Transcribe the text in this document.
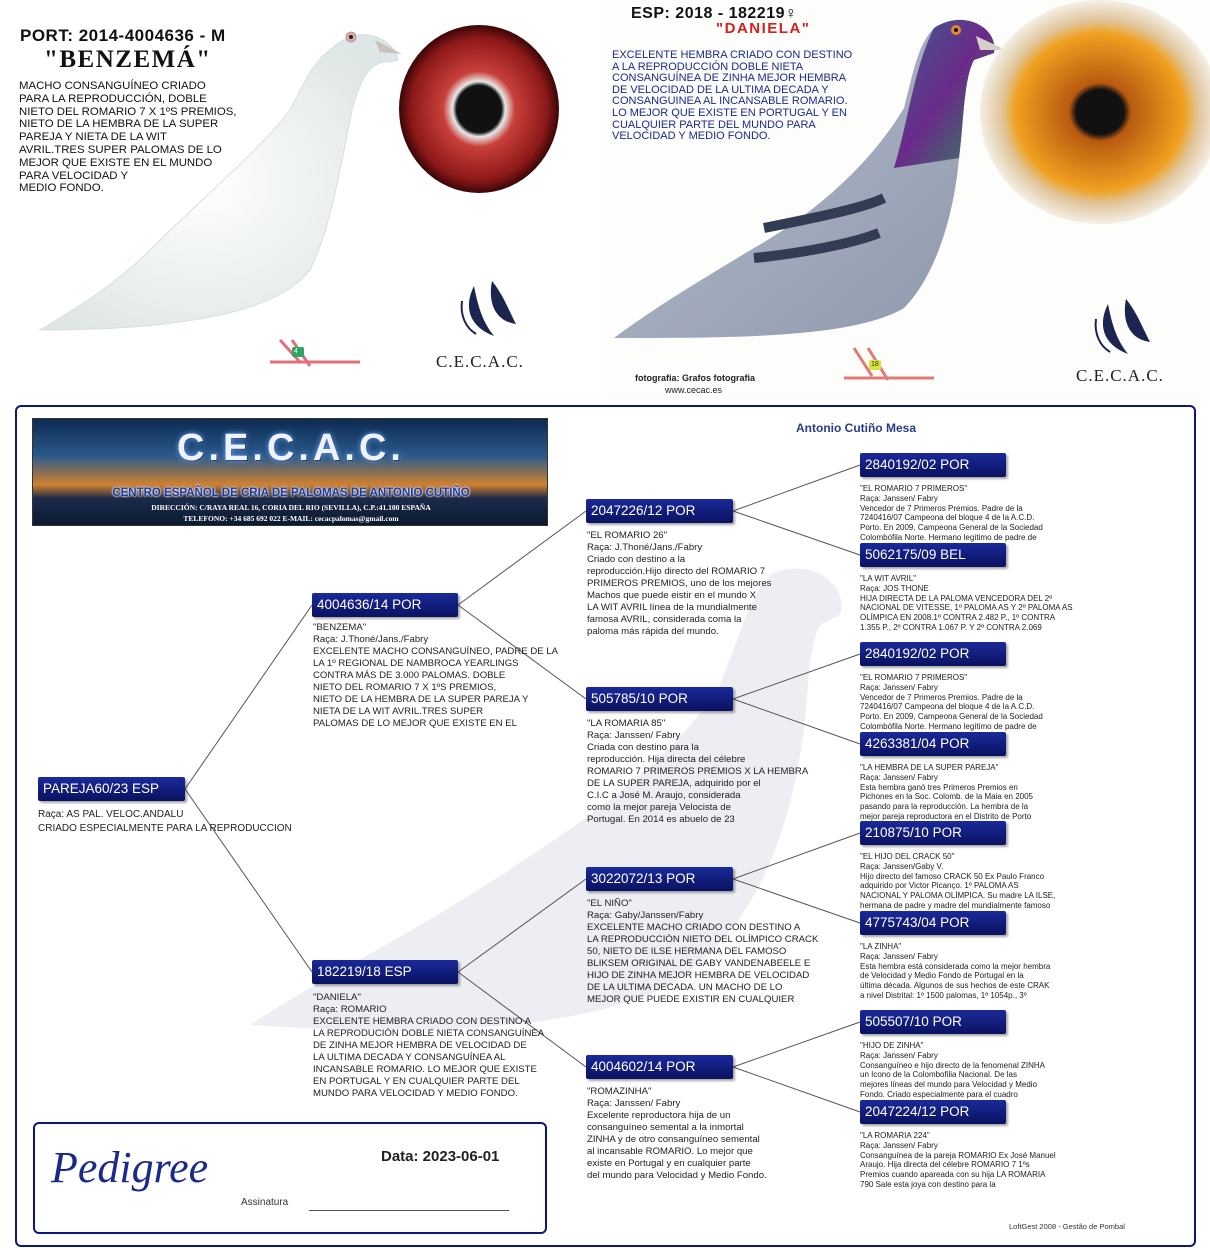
PORT: 2014-4004636 - M
"BENZEMÁ"
MACHO CONSANGUÍNEO CRIADO
PARA LA REPRODUCCIÓN, DOBLE
NIETO DEL ROMARIO 7 X 1ºS PREMIOS,
NIETO DE LA HEMBRA DE LA SUPER
PAREJA Y NIETA DE LA WIT
AVRIL.TRES SUPER PALOMAS DE LO
MEJOR QUE EXISTE EN EL MUNDO
PARA VELOCIDAD Y
MEDIO FONDO.
4
C.E.C.A.C.
ESP: 2018 - 182219♀
"DANIELA"
EXCELENTE HEMBRA CRIADO CON DESTINO
A LA REPRODUCCIÓN DOBLE NIETA
CONSANGUÍNEA DE ZINHA MEJOR HEMBRA
DE VELOCIDAD DE LA ULTIMA DECADA Y
CONSANGUINEA AL INCANSABLE ROMARIO.
LO MEJOR QUE EXISTE EN PORTUGAL Y EN
CUALQUIER PARTE DEL MUNDO PARA
VELOCIDAD Y MEDIO FONDO.
18
fotografia: Grafos fotografia
www.cecac.es
C.E.C.A.C.
C.E.C.A.C.
CENTRO ESPAÑOL DE CRIA DE PALOMAS DE ANTONIO CUTIÑO
DIRECCIÓN: C/RAYA REAL 16, CORIA DEL RIO (SEVILLA), C.P.:41.100 ESPAÑA
TELEFONO: +34 685 692 022 E-MAIL: cecacpalomas@gmail.com
Antonio Cutiño Mesa
PAREJA60/23 ESP
Raça: AS PAL. VELOC.ANDALU
CRIADO ESPECIALMENTE PARA LA REPRODUCCION
4004636/14 POR
"BENZEMA"
Raça: J.Thoné/Jans./Fabry
EXCELENTE MACHO CONSANGUÍNEO, PADRE DE LA
LA 1º REGIONAL DE NAMBROCA YEARLINGS
CONTRA MÁS DE 3.000 PALOMAS. DOBLE
NIETO DEL ROMARIO 7 X 1ºS PREMIOS,
NIETO DE LA HEMBRA DE LA SUPER PAREJA Y
NIETA DE LA WIT AVRIL.TRES SUPER
PALOMAS DE LO MEJOR QUE EXISTE EN EL
182219/18 ESP
"DANIELA"
Raça: ROMARIO
EXCELENTE HEMBRA CRIADO CON DESTINO A
LA REPRODUCIÓN DOBLE NIETA CONSANGUÍNEA
DE ZINHA MEJOR HEMBRA DE VELOCIDAD DE
LA ULTIMA DECADA Y CONSANGUÍNEA AL
INCANSABLE ROMARIO. LO MEJOR QUE EXISTE
EN PORTUGAL Y EN CUALQUIER PARTE DEL
MUNDO PARA VELOCIDAD Y MEDIO FONDO.
2047226/12 POR
"EL ROMARIO 26"
Raça: J.Thoné/Jans./Fabry
Criado con destino a la
reproducción.Hijo directo del ROMARIO 7
PRIMEROS PREMIOS, uno de los mejores
Machos que puede eistir en el mundo X
LA WIT AVRIL línea de la mundialmente
famosa AVRIL, considerada coma la
paloma más rápida del mundo.
505785/10 POR
"LA ROMARIA 85"
Raça: Janssen/ Fabry
Criada con destino para la
reproducción. Hija directa del célebre
ROMARIO 7 PRIMEROS PREMIOS X LA HEMBRA
DE LA SUPER PAREJA, adquirido por el
C.I.C a José M. Araujo, considerada
como la mejor pareja Velocista de
Portugal. En 2014 es abuelo de 23
3022072/13 POR
"EL NIÑO"
Raça: Gaby/Janssen/Fabry
EXCELENTE MACHO CRIADO CON DESTINO A
LA REPRODUCCIÓN NIETO DEL OLÍMPICO CRACK
50, NIETO DE ILSE HERMANA DEL FAMOSO
BLIKSEM ORIGINAL DE GABY VANDENABEELE E
HIJO DE ZINHA MEJOR HEMBRA DE VELOCIDAD
DE LA ULTIMA DECADA. UN MACHO DE LO
MEJOR QUE PUEDE EXISTIR EN CUALQUIER
4004602/14 POR
"ROMAZINHA"
Raça: Janssen/ Fabry
Excelente reproductora hija de un
consanguíneo semental a la inmortal
ZINHA y de otro consanguíneo semental
al incansable ROMARIO. Lo mejor que
existe en Portugal y en cualquier parte
del mundo para Velocidad y Medio Fondo.
2840192/02 POR
"EL ROMARIO 7 PRIMEROS"
Raça: Janssen/ Fabry
Vencedor de 7 Primeros Premios. Padre de la
7240416/07 Campeona del bloque 4 de la A.C.D.
Porto. En 2009, Campeona General de la Sociedad
Colombófila Norte. Hermano legítimo de padre de
5062175/09 BEL
"LA WIT AVRIL"
Raça: JOS THONE
HIJA DIRECTA DE LA PALOMA VENCEDORA DEL 2º
NACIONAL DE VITESSE, 1º PALOMA AS Y 2º PALOMA AS
OLÍMPICA EN 2008.1º CONTRA 2.482 P., 1º CONTRA
1.355 P., 2º CONTRA 1.067 P. Y 2º CONTRA 2.069
2840192/02 POR
"EL ROMARIO 7 PRIMEROS"
Raça: Janssen/ Fabry
Vencedor de 7 Primeros Premios. Padre de la
7240416/07 Campeona del bloque 4 de la A.C.D.
Porto. En 2009, Campeona General de la Sociedad
Colombófila Norte. Hermano legítimo de padre de
4263381/04 POR
"LA HEMBRA DE LA SUPER PAREJA"
Raça: Janssen/ Fabry
Esta hembra ganó tres Primeros Premios en
Pichones en la Soc. Colomb. de la Maia en 2005
pasando para la reproducción. La hembra de la
mejor pareja reproductora en el Distrito de Porto
210875/10 POR
"EL HIJO DEL CRACK 50"
Raça: Janssen/Gaby V.
Hijo directo del famoso CRACK 50 Ex Paulo Franco
adquirido por Victor Picanço. 1º PALOMA AS
NACIONAL Y PALOMA OLÍMPICA. Su madre LA ILSE,
hermana de padre y madre del mundialmente famoso
4775743/04 POR
"LA ZINHA"
Raça: Janssen/ Fabry
Esta hembra está considerada como la mejor hembra
de Velocidad y Medio Fondo de Portugal en la
última década. Algunos de sus hechos de este CRAK
a nivel Distrital: 1º 1500 palomas, 1º 1054p., 3º
505507/10 POR
"HIJO DE ZINHA"
Raça: Janssen/ Fabry
Consanguíneo e hijo directo de la fenomenal ZINHA
un Icono de la Colombofilia Nacional. De las
mejores líneas del mundo para Velocidad y Medio
Fondo. Criado especialmente para el cuadro
2047224/12 POR
"LA ROMARIA 224"
Raça: Janssen/ Fabry
Consanguínea de la pareja ROMARIO Ex José Manuel
Araujo. Hija directa del célebre ROMARIO 7 1ºs
Premios cuando apareada con su hija LA ROMARIA
790 Sale esta joya con destino para la
Pedigree	Data: 2023-06-01
Assinatura
LoftGest 2008 - Gestão de Pombal
